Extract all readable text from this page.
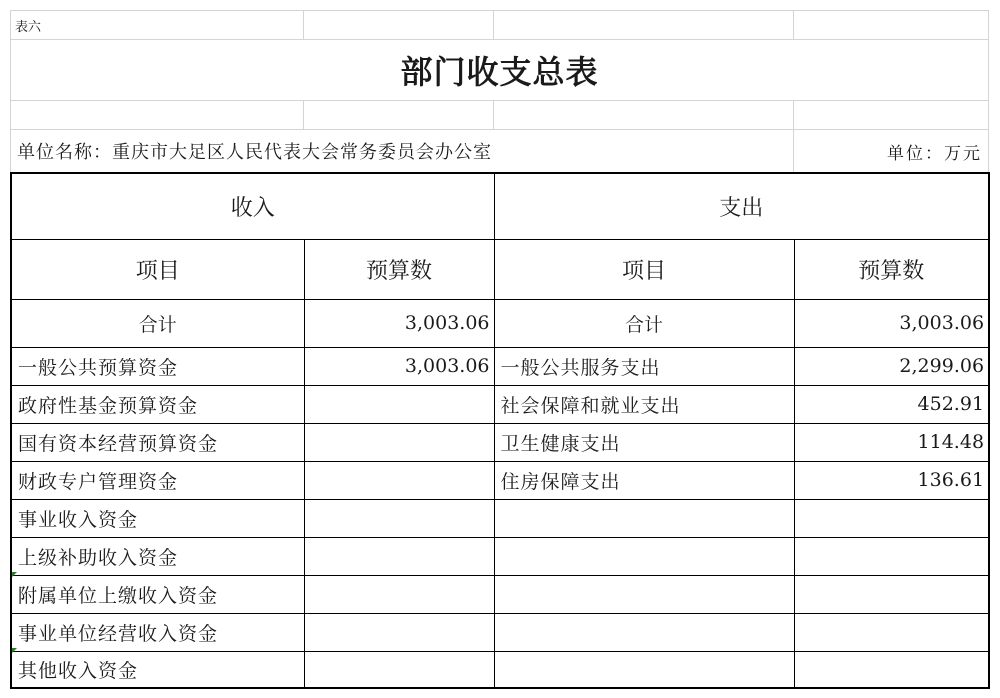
表六			
部门收支总表			

单位名称：重庆市大足区人民代表大会常务委员会办公室			单位：万元
收入		支出	
项目	预算数	项目	预算数
合计	3,003.06	合计	3,003.06
一般公共预算资金	3,003.06	一般公共服务支出	2,299.06
政府性基金预算资金		社会保障和就业支出	452.91
国有资本经营预算资金		卫生健康支出	114.48
财政专户管理资金		住房保障支出	136.61
事业收入资金			
上级补助收入资金			
附属单位上缴收入资金			
事业单位经营收入资金			
其他收入资金			
